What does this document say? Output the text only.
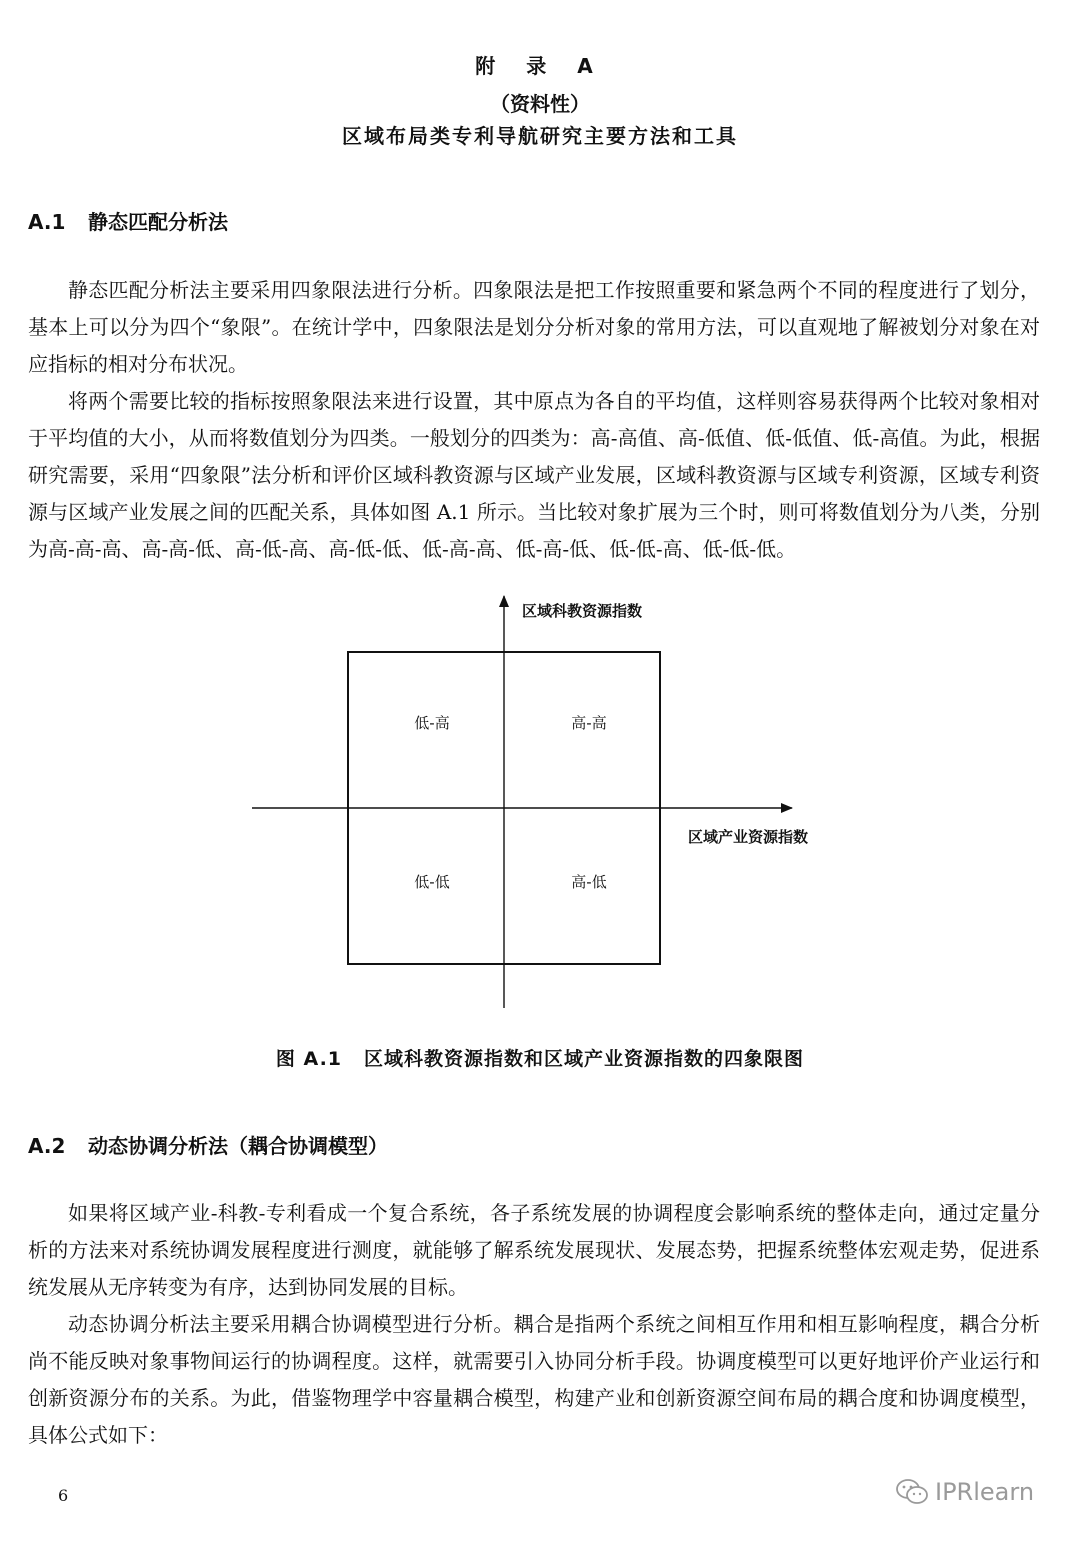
附 录 A
（资料性）
区域布局类专利导航研究主要方法和工具
A.1 静态匹配分析法

静态匹配分析法主要采用四象限法进行分析。四象限法是把工作按照重要和紧急两个不同的程度进行了划分，基本上可以分为四个“象限”。在统计学中，四象限法是划分分析对象的常用方法，可以直观地了解被划分对象在对应指标的相对分布状况。

将两个需要比较的指标按照象限法来进行设置，其中原点为各自的平均值，这样则容易获得两个比较对象相对于平均值的大小，从而将数值划分为四类。一般划分的四类为：高-高值、高-低值、低-低值、低-高值。为此，根据研究需要，采用“四象限”法分析和评价区域科教资源与区域产业发展，区域科教资源与区域专利资源，区域专利资源与区域产业发展之间的匹配关系，具体如图 A.1 所示。当比较对象扩展为三个时，则可将数值划分为八类，分别为高-高-高、高-高-低、高-低-高、高-低-低、低-高-高、低-高-低、低-低-高、低-低-低。

区域科教资源指数
区域产业资源指数
低-高	高-高
低-低	高-低
图 A.1 区域科教资源指数和区域产业资源指数的四象限图
A.2 动态协调分析法（耦合协调模型）

如果将区域产业-科教-专利看成一个复合系统，各子系统发展的协调程度会影响系统的整体走向，通过定量分析的方法来对系统协调发展程度进行测度，就能够了解系统发展现状、发展态势，把握系统整体宏观走势，促进系统发展从无序转变为有序，达到协同发展的目标。

动态协调分析法主要采用耦合协调模型进行分析。耦合是指两个系统之间相互作用和相互影响程度，耦合分析尚不能反映对象事物间运行的协调程度。这样，就需要引入协同分析手段。协调度模型可以更好地评价产业运行和创新资源分布的关系。为此，借鉴物理学中容量耦合模型，构建产业和创新资源空间布局的耦合度和协调度模型，具体公式如下：

6	IPRlearn
